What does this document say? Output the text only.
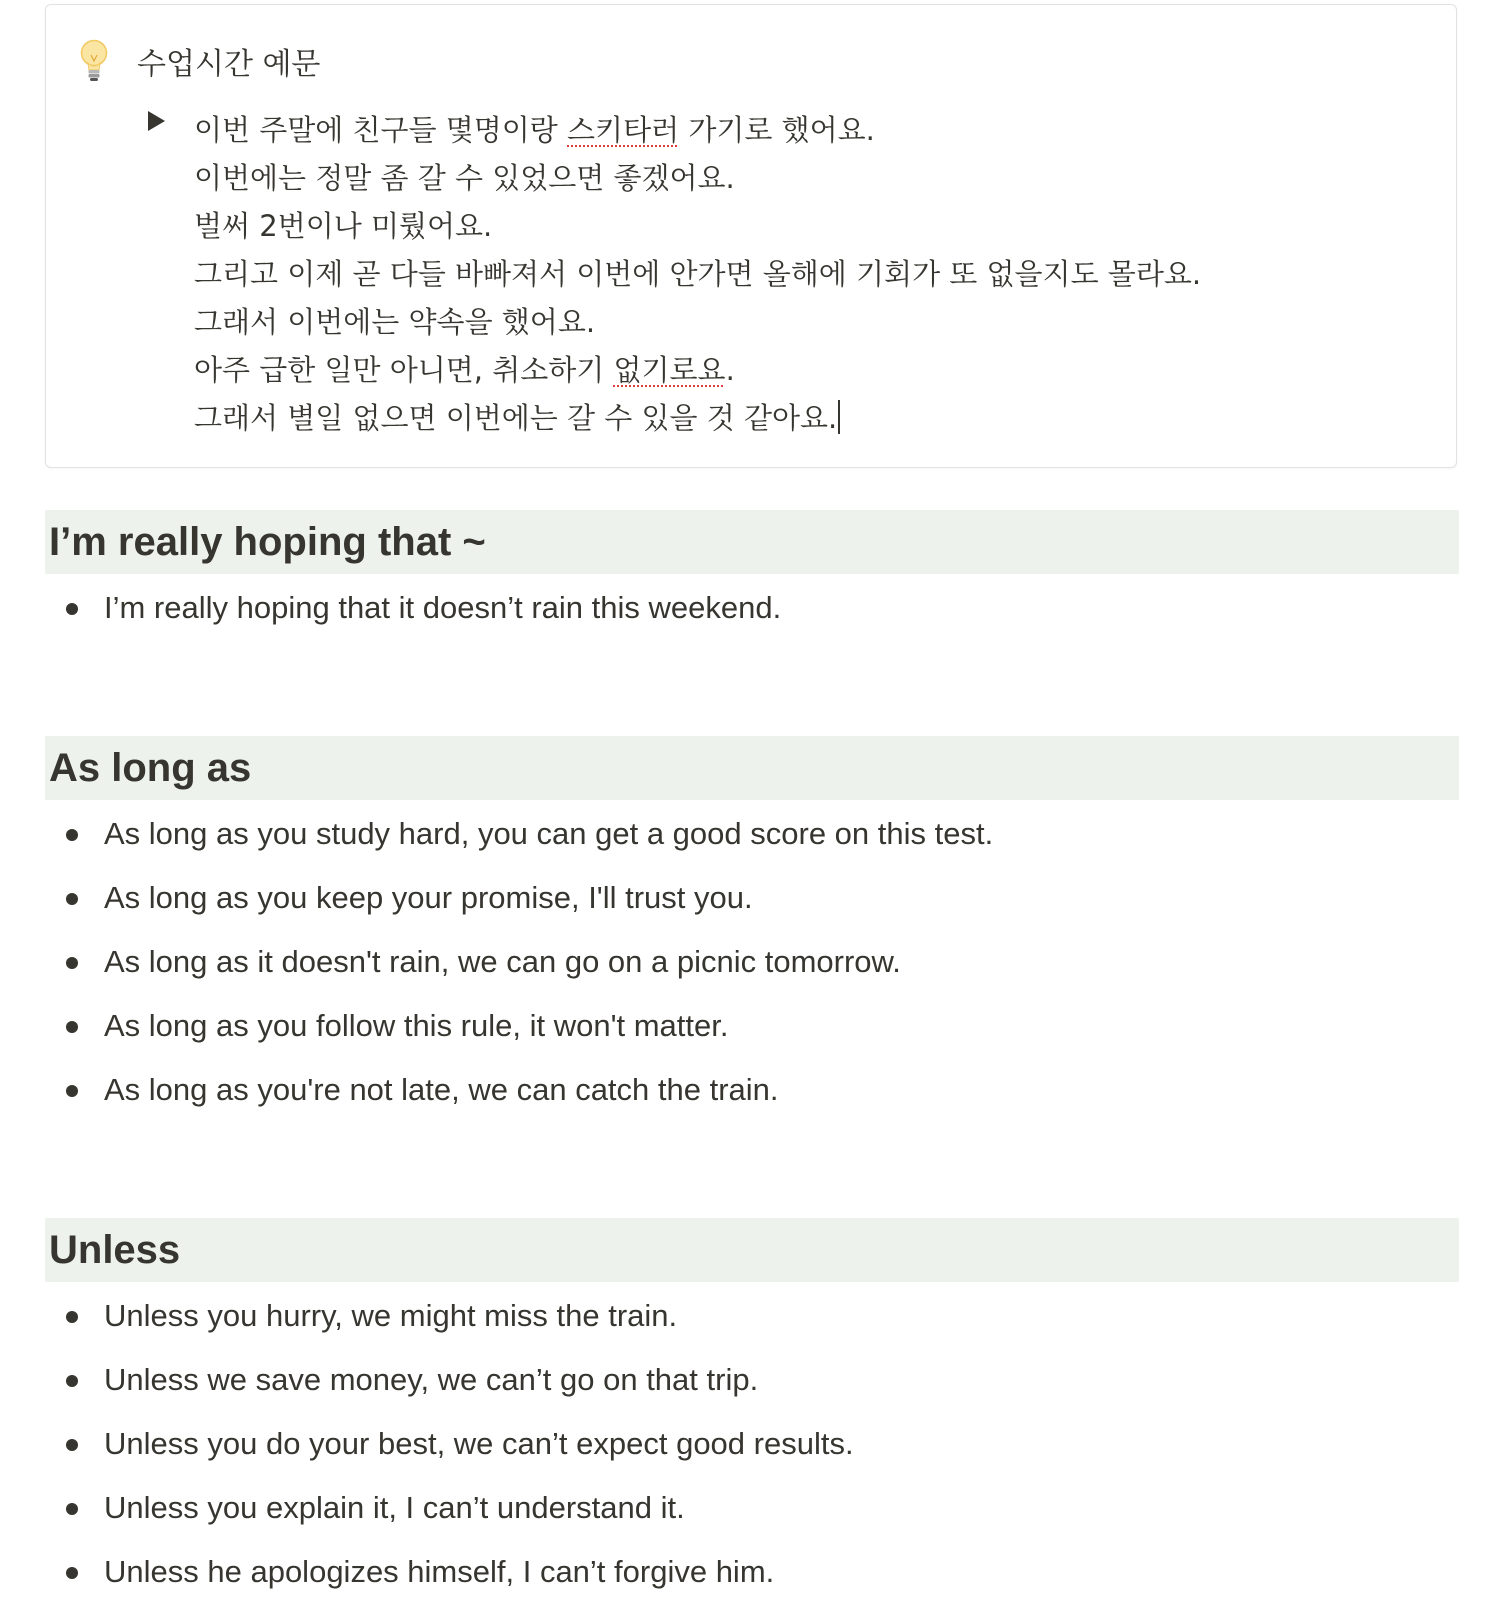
수업시간 예문
이번 주말에 친구들 몇명이랑 스키타러 가기로 했어요.
이번에는 정말 좀 갈 수 있었으면 좋겠어요.
벌써 2번이나 미뤘어요.
그리고 이제 곧 다들 바빠져서 이번에 안가면 올해에 기회가 또 없을지도 몰라요.
그래서 이번에는 약속을 했어요.
아주 급한 일만 아니면, 취소하기 없기로요.
그래서 별일 없으면 이번에는 갈 수 있을 것 같아요.
I’m really hoping that ~
I’m really hoping that it doesn’t rain this weekend.
As long as
As long as you study hard, you can get a good score on this test.
As long as you keep your promise, I'll trust you.
As long as it doesn't rain, we can go on a picnic tomorrow.
As long as you follow this rule, it won't matter.
As long as you're not late, we can catch the train.
Unless
Unless you hurry, we might miss the train.
Unless we save money, we can’t go on that trip.
Unless you do your best, we can’t expect good results.
Unless you explain it, I can’t understand it.
Unless he apologizes himself, I can’t forgive him.
